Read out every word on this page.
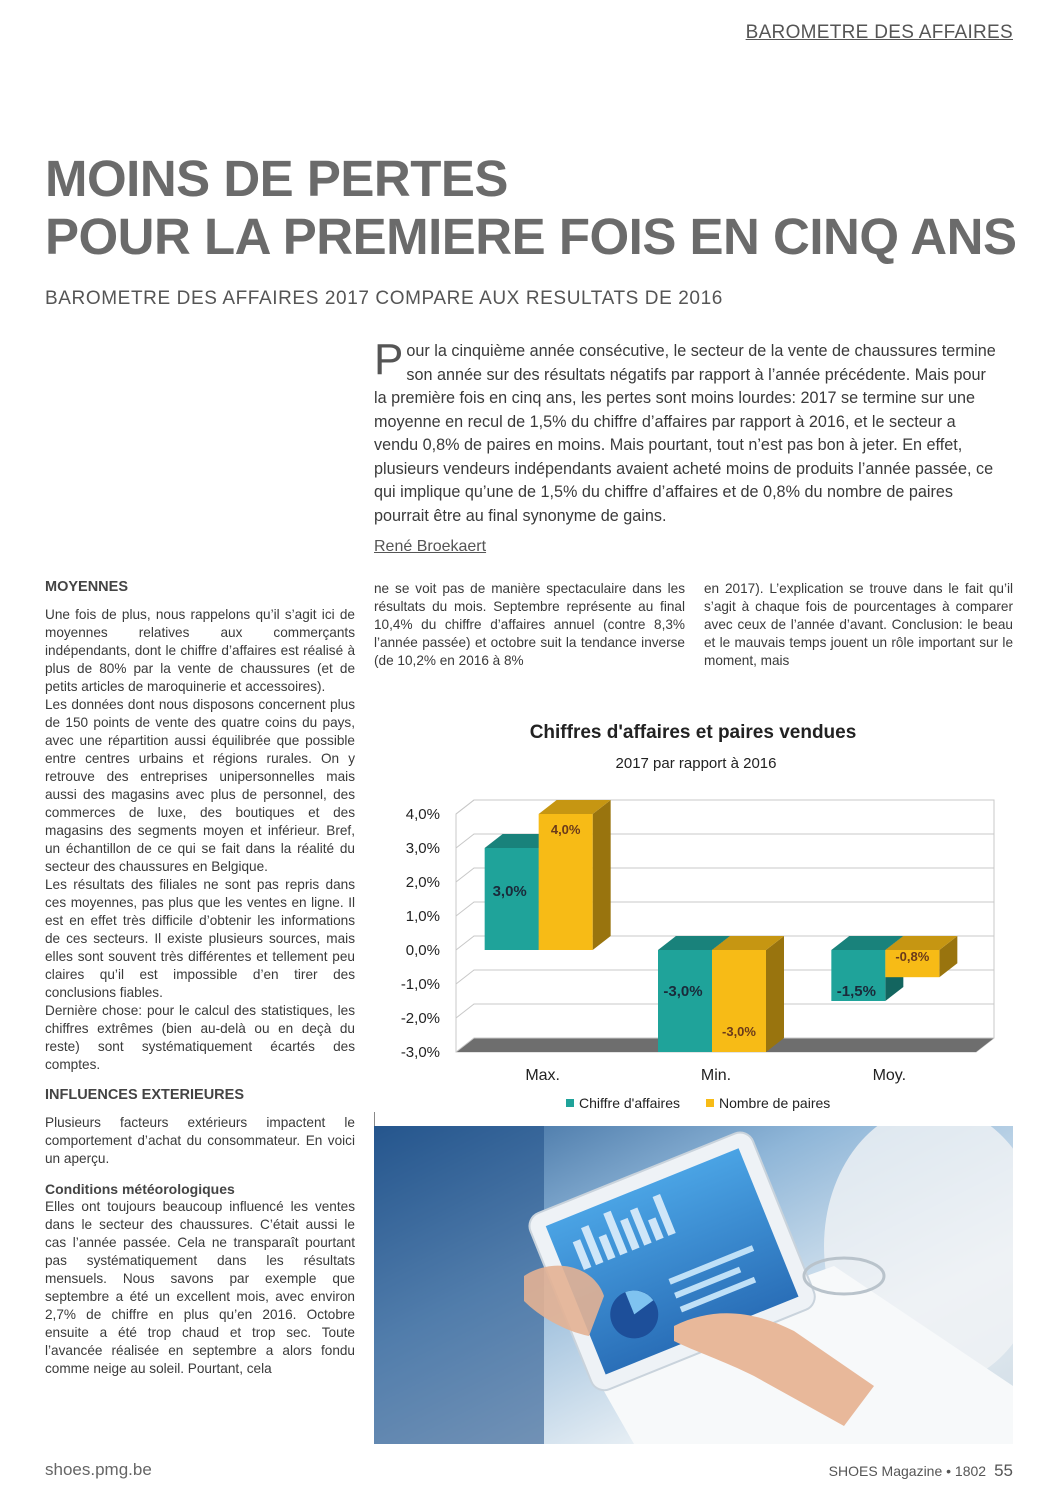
BAROMETRE DES AFFAIRES
MOINS DE PERTES
POUR LA PREMIERE FOIS EN CINQ ANS
BAROMETRE DES AFFAIRES 2017 COMPARE AUX RESULTATS DE 2016
Pour la cinquième année consécutive, le secteur de la vente de chaussures termine son année sur des résultats négatifs par rapport à l’année précédente. Mais pour la première fois en cinq ans, les pertes sont moins lourdes: 2017 se termine sur une moyenne en recul de 1,5% du chiffre d’affaires par rapport à 2016, et le secteur a vendu 0,8% de paires en moins. Mais pourtant, tout n’est pas bon à jeter. En effet, plusieurs vendeurs indépendants avaient acheté moins de produits l’année passée, ce qui implique qu’une de 1,5% du chiffre d’affaires et de 0,8% du nombre de paires pourrait être au final synonyme de gains.
René Broekaert
MOYENNES

Une fois de plus, nous rappelons qu’il s’agit ici de moyennes relatives aux commerçants indépendants, dont le chiffre d’affaires est réalisé à plus de 80% par la vente de chaussures (et de petits articles de maroquinerie et accessoires).

Les données dont nous disposons concernent plus de 150 points de vente des quatre coins du pays, avec une répartition aussi équilibrée que possible entre centres urbains et régions rurales. On y retrouve des entreprises unipersonnelles mais aussi des magasins avec plus de personnel, des commerces de luxe, des boutiques et des magasins des segments moyen et inférieur. Bref, un échantillon de ce qui se fait dans la réalité du secteur des chaussures en Belgique.

Les résultats des filiales ne sont pas repris dans ces moyennes, pas plus que les ventes en ligne. Il est en effet très difficile d’obtenir les informations de ces secteurs. Il existe plusieurs sources, mais elles sont souvent très différentes et tellement peu claires qu’il est impossible d’en tirer des conclusions fiables.

Dernière chose: pour le calcul des statistiques, les chiffres extrêmes (bien au-delà ou en deçà du reste) sont systématiquement écartés des comptes.

INFLUENCES EXTERIEURES

Plusieurs facteurs extérieurs impactent le comportement d’achat du consommateur. En voici un aperçu.

Conditions météorologiques

Elles ont toujours beaucoup influencé les ventes dans le secteur des chaussures. C’était aussi le cas l’année passée. Cela ne transparaît pourtant pas systématiquement dans les résultats mensuels. Nous savons par exemple que septembre a été un excellent mois, avec environ 2,7% de chiffre en plus qu’en 2016. Octobre ensuite a été trop chaud et trop sec. Toute l’avancée réalisée en septembre a alors fondu comme neige au soleil. Pourtant, cela

ne se voit pas de manière spectaculaire dans les résultats du mois. Septembre représente au final 10,4% du chiffre d’affaires annuel (contre 8,3% l’année passée) et octobre suit la tendance inverse (de 10,2% en 2016 à 8%
en 2017). L’explication se trouve dans le fait qu’il s’agit à chaque fois de pourcentages à comparer avec ceux de l’année d’avant. Conclusion: le beau et le mauvais temps jouent un rôle important sur le moment, mais
Chiffres d'affaires et paires vendues
2017 par rapport à 2016
4,0%
3,0%
2,0%
1,0%
0,0%
-1,0%
-2,0%
-3,0%
3,0%
4,0%
Max.
-3,0%
-3,0%
Min.
-1,5%
-0,8%
Moy.
Chiffre d'affaires	Nombre de paires
shoes.pmg.be	SHOES Magazine • 1802 55
